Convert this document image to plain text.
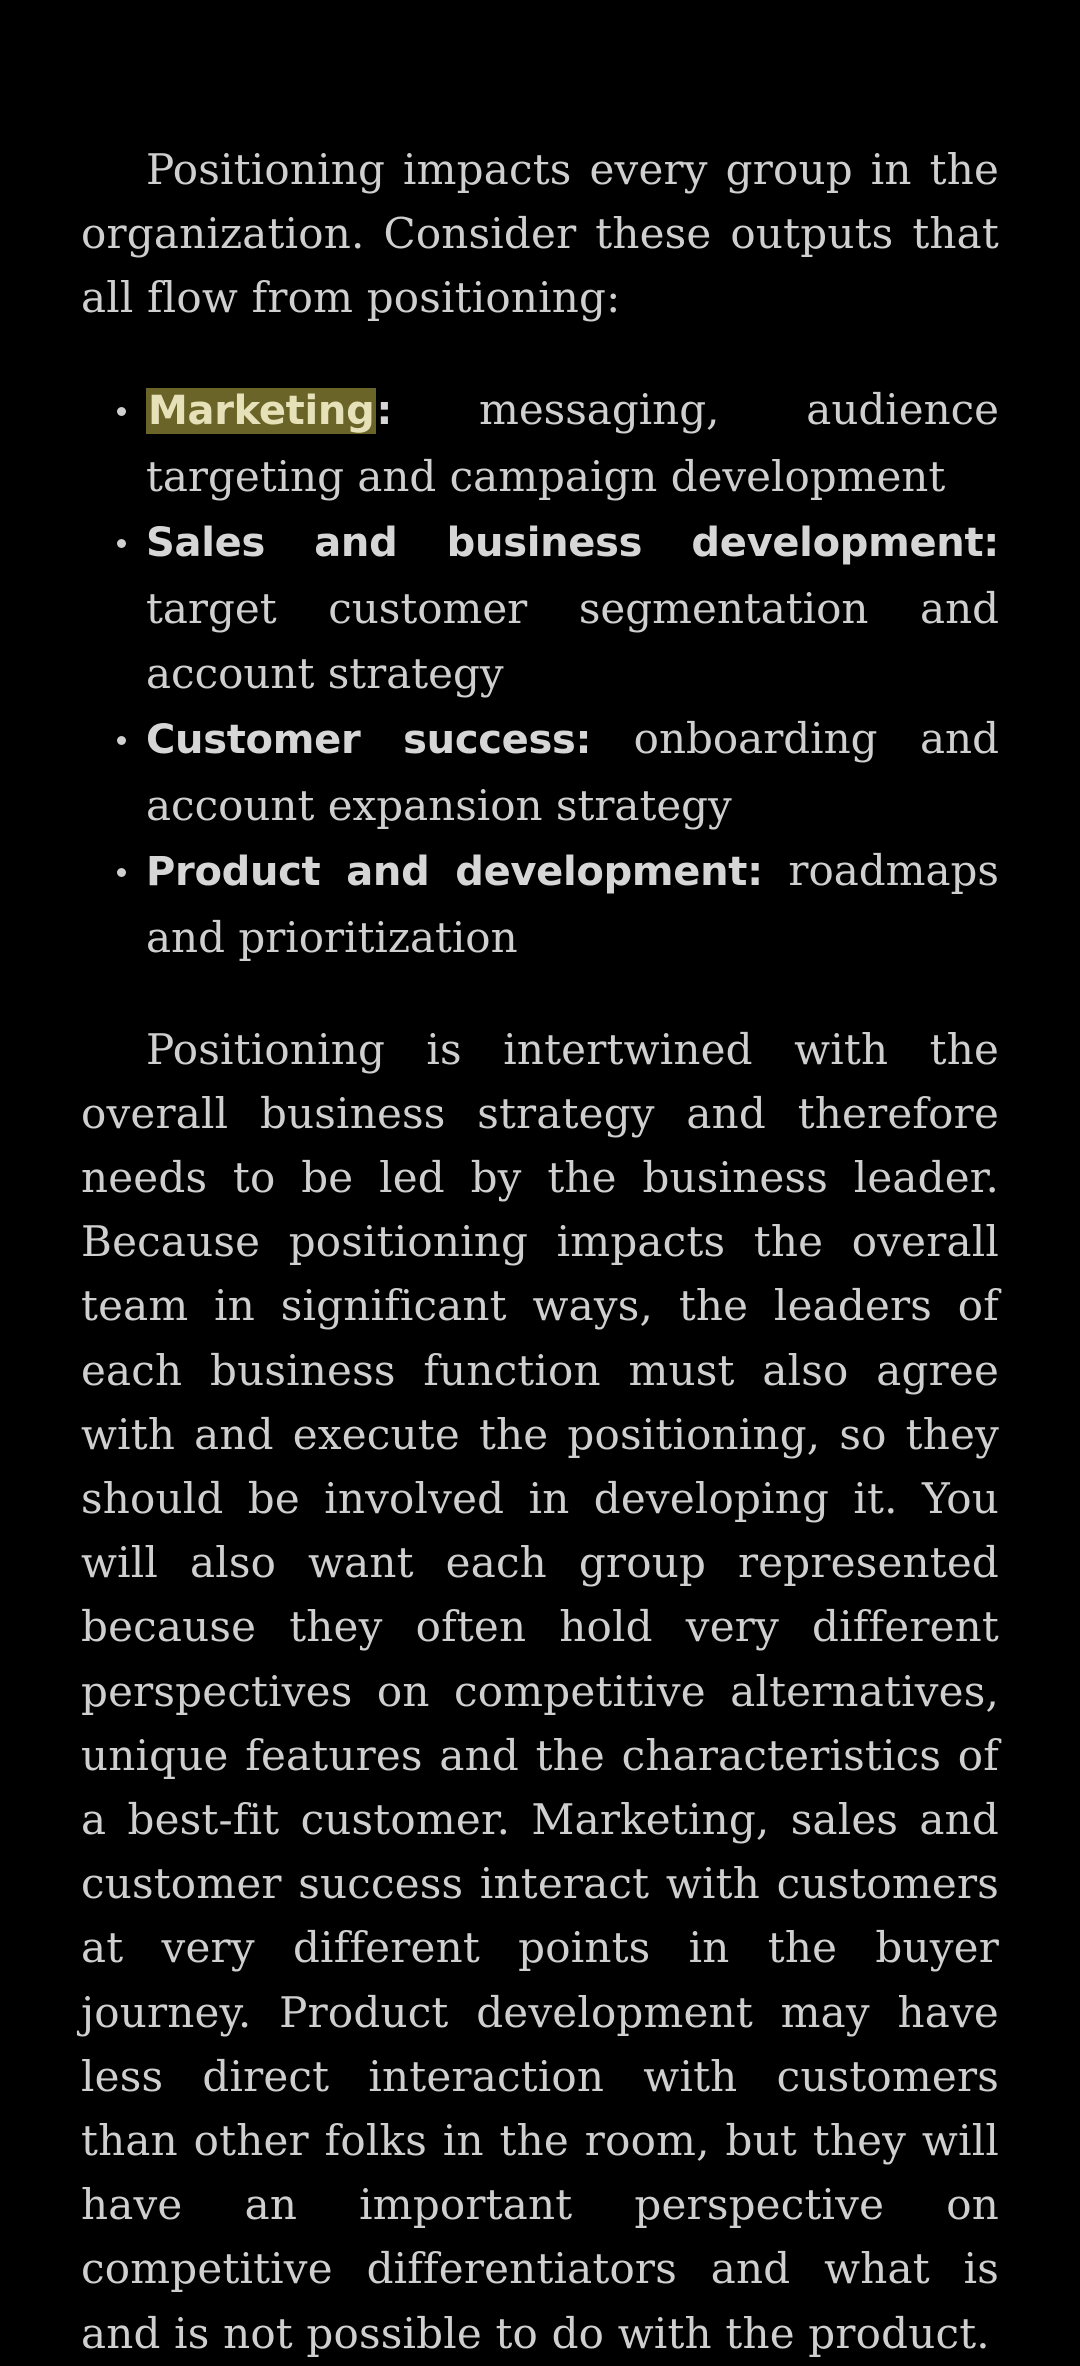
Positioning impacts every group in the organization. Consider these outputs that all flow from positioning:

Marketing: messaging, audience targeting and campaign development
Sales and business development: target customer segmentation and account strategy
Customer success: onboarding and account expansion strategy
Product and development: roadmaps and prioritization

Positioning is intertwined with the overall business strategy and therefore needs to be led by the business leader. Because positioning impacts the overall team in significant ways, the leaders of each business function must also agree with and execute the positioning, so they should be involved in developing it. You will also want each group represented because they often hold very different perspectives on competitive alternatives, unique features and the characteristics of a best-fit customer. Marketing, sales and customer success interact with customers at very different points in the buyer journey. Product development may have less direct interaction with customers than other folks in the room, but they will have an important perspective on competitive differentiators and what is and is not possible to do with the product.
